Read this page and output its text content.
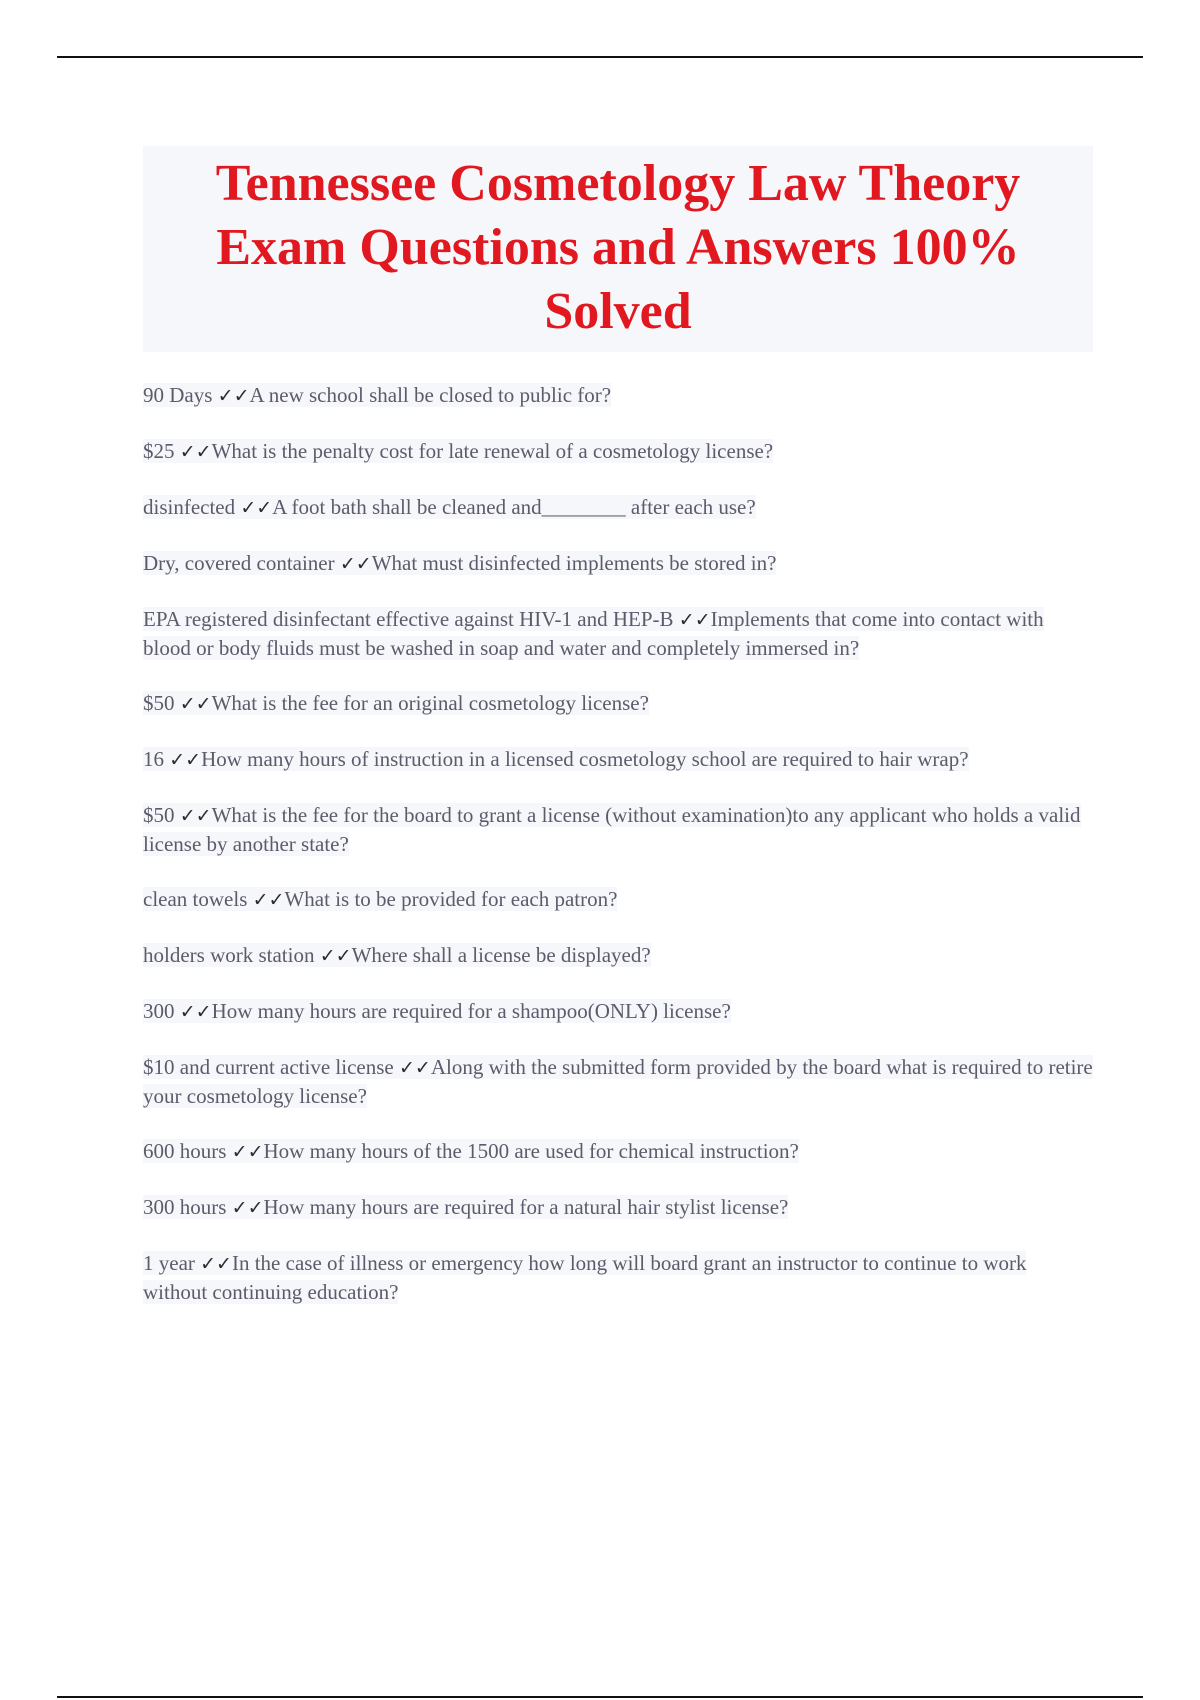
Tennessee Cosmetology Law Theory Exam Questions and Answers 100% Solved
90 Days ✓✓A new school shall be closed to public for?
$25 ✓✓What is the penalty cost for late renewal of a cosmetology license?
disinfected ✓✓A foot bath shall be cleaned and________ after each use?
Dry, covered container ✓✓What must disinfected implements be stored in?
EPA registered disinfectant effective against HIV-1 and HEP-B ✓✓Implements that come into contact with blood or body fluids must be washed in soap and water and completely immersed in?
$50 ✓✓What is the fee for an original cosmetology license?
16 ✓✓How many hours of instruction in a licensed cosmetology school are required to hair wrap?
$50 ✓✓What is the fee for the board to grant a license (without examination)to any applicant who holds a valid license by another state?
clean towels ✓✓What is to be provided for each patron?
holders work station ✓✓Where shall a license be displayed?
300 ✓✓How many hours are required for a shampoo(ONLY) license?
$10 and current active license ✓✓Along with the submitted form provided by the board what is required to retire your cosmetology license?
600 hours ✓✓How many hours of the 1500 are used for chemical instruction?
300 hours ✓✓How many hours are required for a natural hair stylist license?
1 year ✓✓In the case of illness or emergency how long will board grant an instructor to continue to work without continuing education?
